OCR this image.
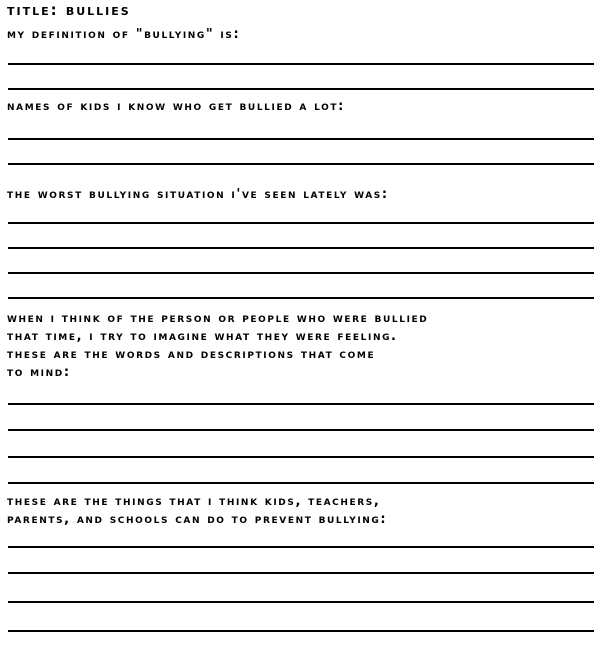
title: bullies

my definition of "bullying" is:

names of kids i know who get bullied a lot:

the worst bullying situation i've seen lately was:

when i think of the person or people who were bullied

that time, i try to imagine what they were feeling.

these are the words and descriptions that come

to mind:

these are the things that i think kids, teachers,

parents, and schools can do to prevent bullying:
